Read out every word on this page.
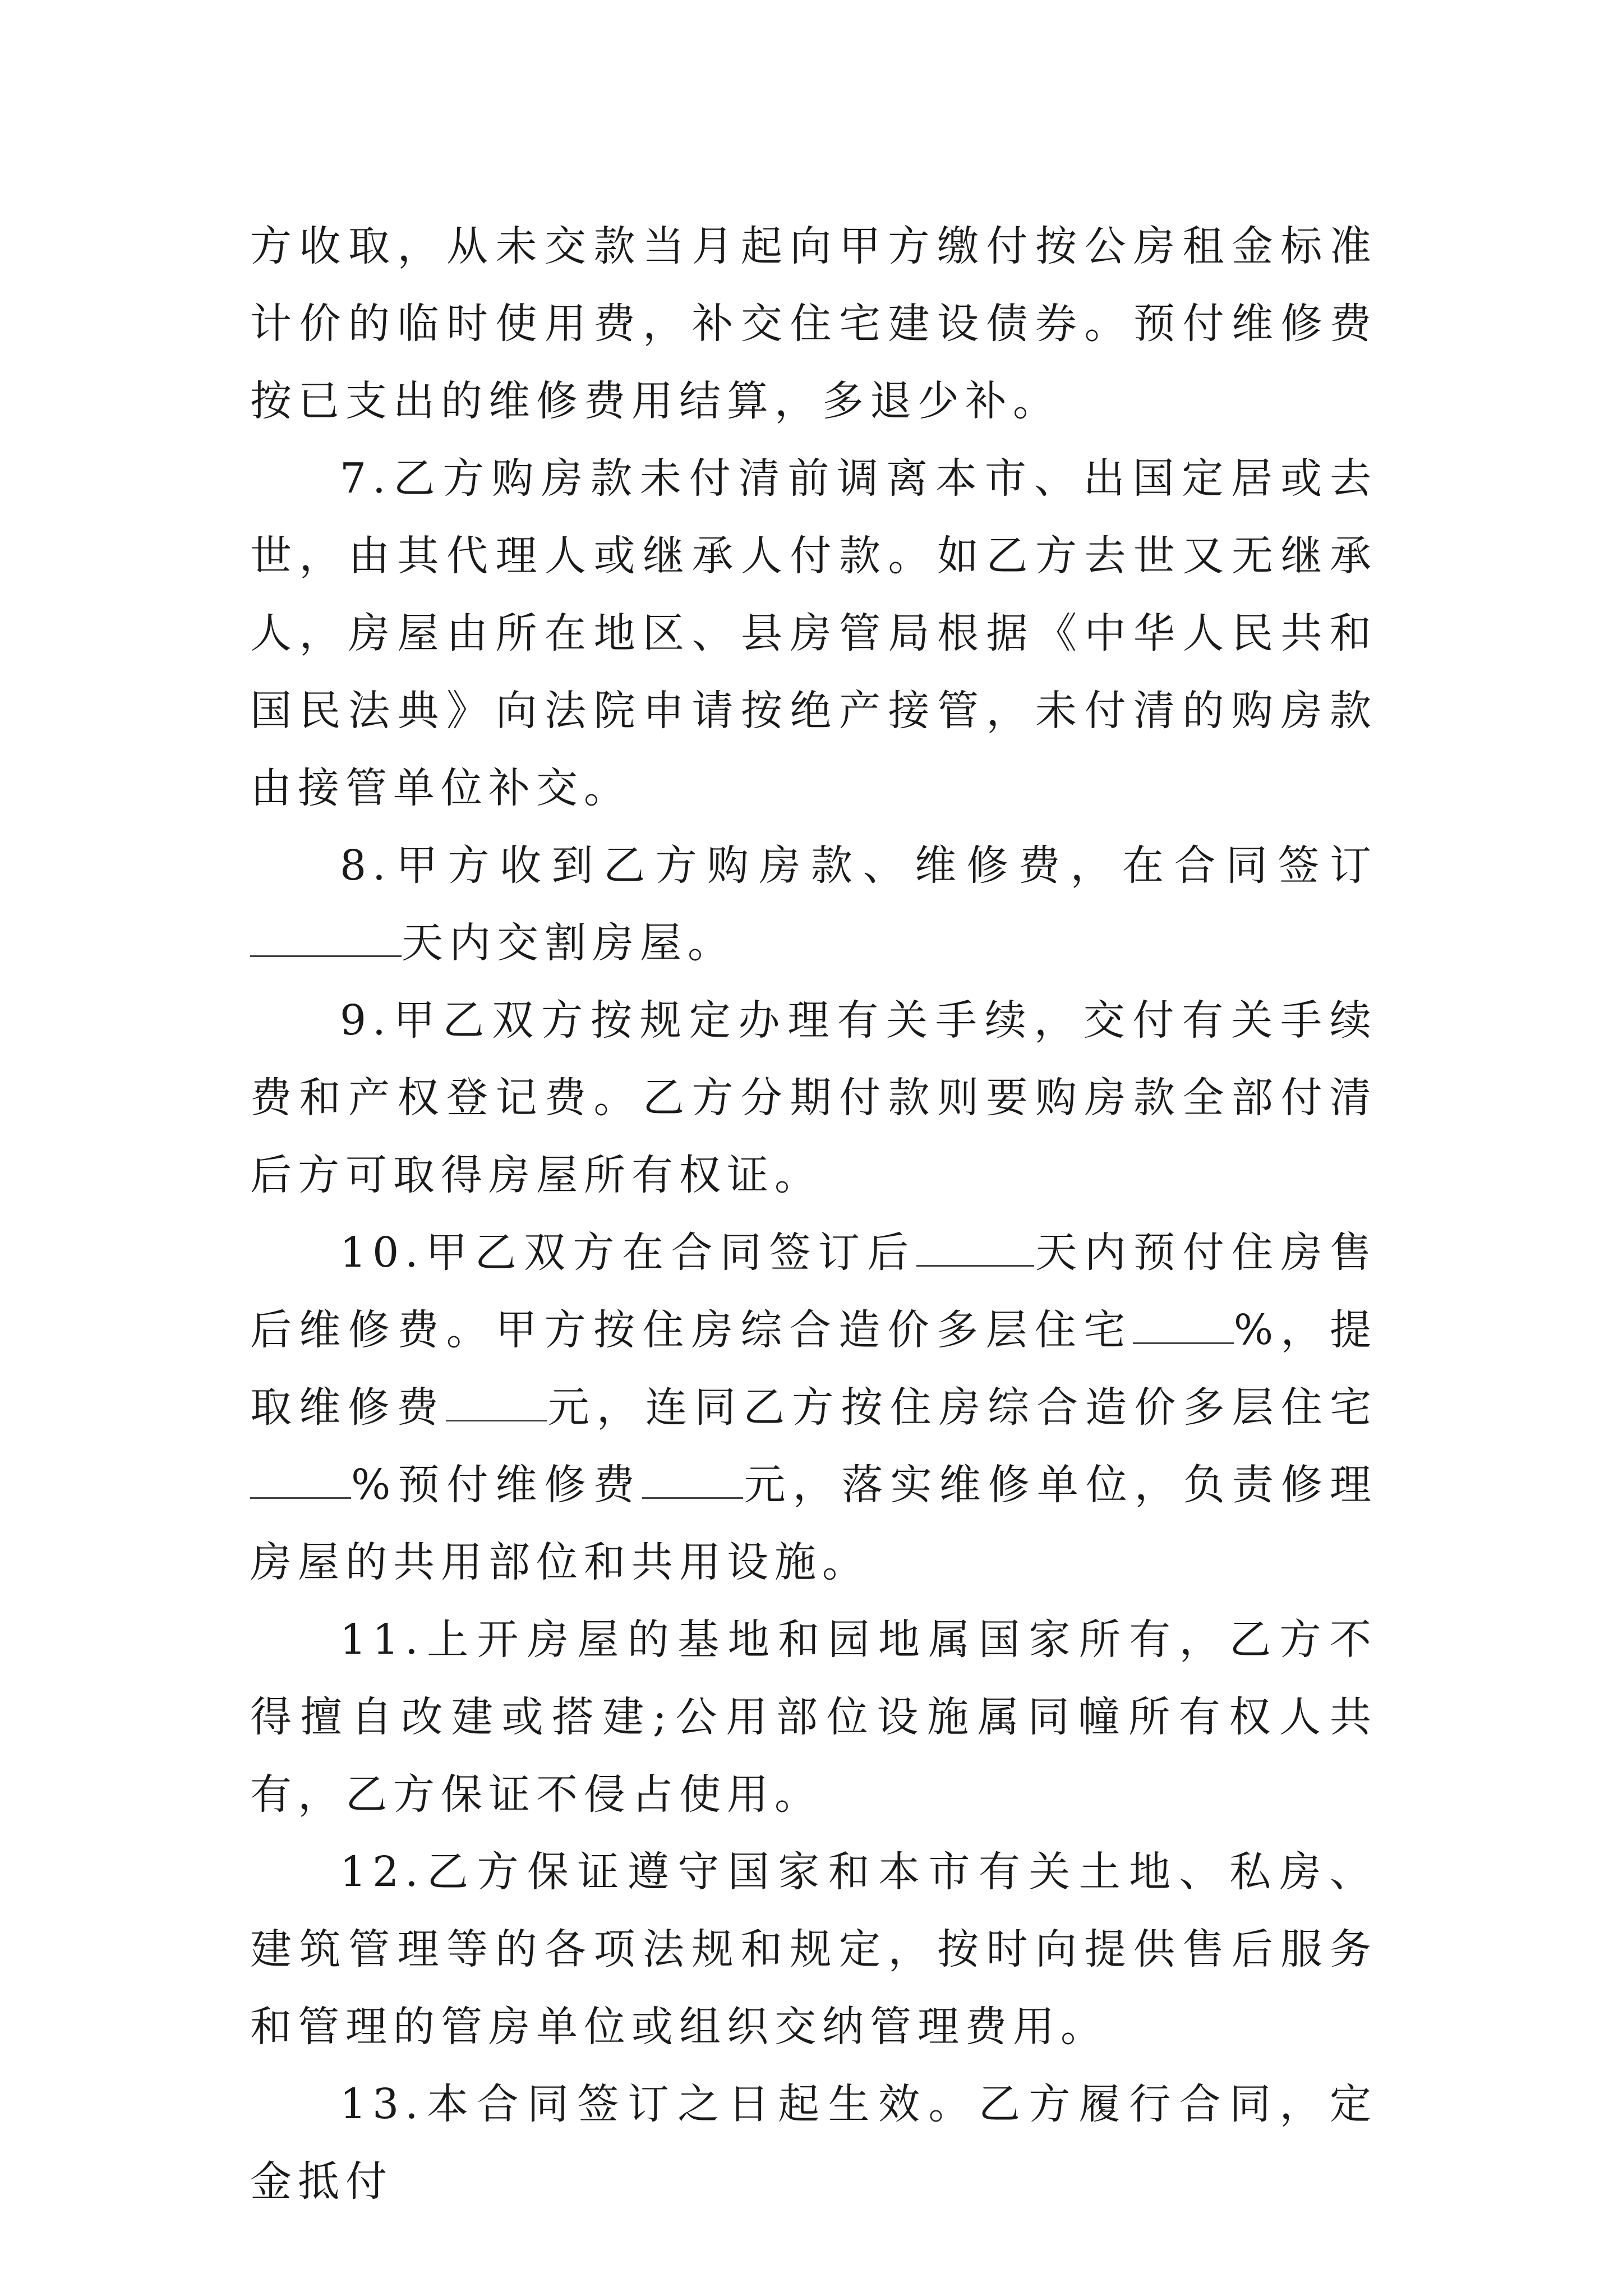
方收取，从未交款当月起向甲方缴付按公房租金标准计价的临时使用费，补交住宅建设债券。预付维修费按已支出的维修费用结算，多退少补。

7.乙方购房款未付清前调离本市、出国定居或去世，由其代理人或继承人付款。如乙方去世又无继承人，房屋由所在地区、县房管局根据《中华人民共和国民法典》向法院申请按绝产接管，未付清的购房款由接管单位补交。

8.甲方收到乙方购房款、维修费，在合同签订天内交割房屋。

9.甲乙双方按规定办理有关手续，交付有关手续费和产权登记费。乙方分期付款则要购房款全部付清后方可取得房屋所有权证。

10.甲乙双方在合同签订后	天内预付住房售后维修费。甲方按住房综合造价多层住宅 %，提取维修费 元，连同乙方按住房综合造价多层住宅%预付维修费 元，落实维修单位，负责修理房屋的共用部位和共用设施。

11.上开房屋的基地和园地属国家所有，乙方不得擅自改建或搭建;公用部位设施属同幢所有权人共有，乙方保证不侵占使用。

12.乙方保证遵守国家和本市有关土地、私房、建筑管理等的各项法规和规定，按时向提供售后服务和管理的管房单位或组织交纳管理费用。

13.本合同签订之日起生效。乙方履行合同，定金抵付
